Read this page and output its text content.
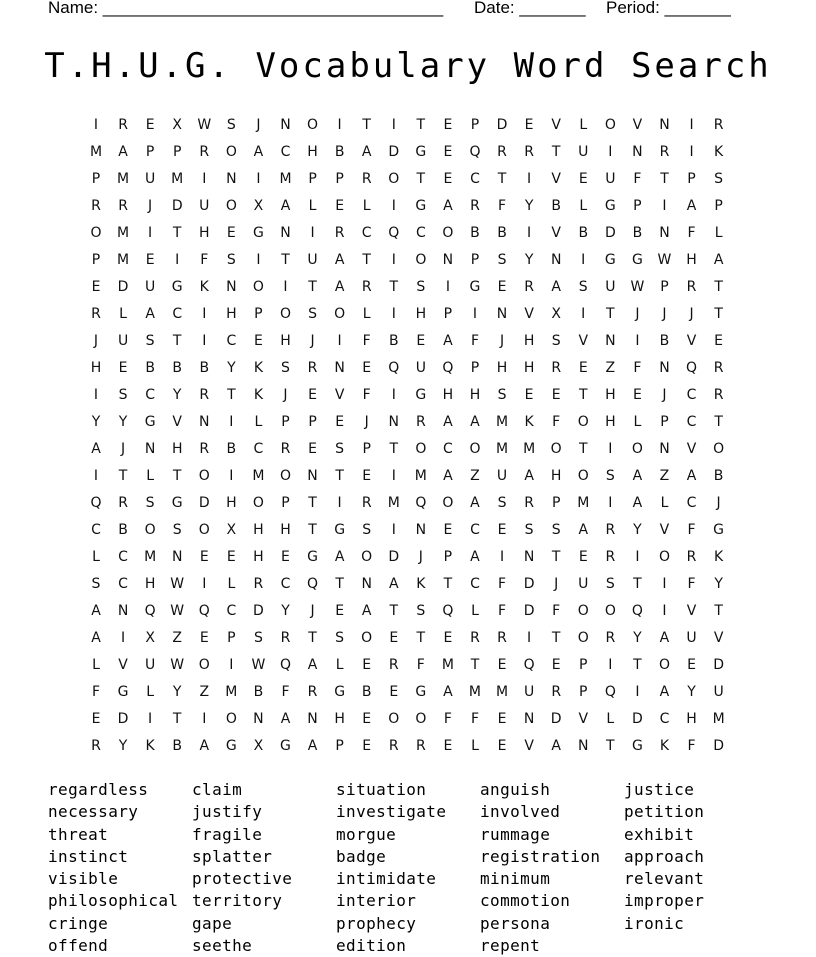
Name: ____________________________________ Date: _______ Period: _______
T.H.U.G. Vocabulary Word Search
I	R	E	X	W	S	J	N	O	I	T	I	T	E	P	D	E	V	L	O	V	N	I	R
M	A	P	P	R	O	A	C	H	B	A	D	G	E	Q	R	R	T	U	I	N	R	I	K
P	M	U	M	I	N	I	M	P	P	R	O	T	E	C	T	I	V	E	U	F	T	P	S
R	R	J	D	U	O	X	A	L	E	L	I	G	A	R	F	Y	B	L	G	P	I	A	P
O	M	I	T	H	E	G	N	I	R	C	Q	C	O	B	B	I	V	B	D	B	N	F	L
P	M	E	I	F	S	I	T	U	A	T	I	O	N	P	S	Y	N	I	G	G	W	H	A
E	D	U	G	K	N	O	I	T	A	R	T	S	I	G	E	R	A	S	U	W	P	R	T
R	L	A	C	I	H	P	O	S	O	L	I	H	P	I	N	V	X	I	T	J	J	J	T
J	U	S	T	I	C	E	H	J	I	F	B	E	A	F	J	H	S	V	N	I	B	V	E
H	E	B	B	B	Y	K	S	R	N	E	Q	U	Q	P	H	H	R	E	Z	F	N	Q	R
I	S	C	Y	R	T	K	J	E	V	F	I	G	H	H	S	E	E	T	H	E	J	C	R
Y	Y	G	V	N	I	L	P	P	E	J	N	R	A	A	M	K	F	O	H	L	P	C	T
A	J	N	H	R	B	C	R	E	S	P	T	O	C	O	M	M	O	T	I	O	N	V	O
I	T	L	T	O	I	M	O	N	T	E	I	M	A	Z	U	A	H	O	S	A	Z	A	B
Q	R	S	G	D	H	O	P	T	I	R	M	Q	O	A	S	R	P	M	I	A	L	C	J
C	B	O	S	O	X	H	H	T	G	S	I	N	E	C	E	S	S	A	R	Y	V	F	G
L	C	M	N	E	E	H	E	G	A	O	D	J	P	A	I	N	T	E	R	I	O	R	K
S	C	H	W	I	L	R	C	Q	T	N	A	K	T	C	F	D	J	U	S	T	I	F	Y
A	N	Q	W	Q	C	D	Y	J	E	A	T	S	Q	L	F	D	F	O	O	Q	I	V	T
A	I	X	Z	E	P	S	R	T	S	O	E	T	E	R	R	I	T	O	R	Y	A	U	V
L	V	U	W	O	I	W	Q	A	L	E	R	F	M	T	E	Q	E	P	I	T	O	E	D
F	G	L	Y	Z	M	B	F	R	G	B	E	G	A	M	M	U	R	P	Q	I	A	Y	U
E	D	I	T	I	O	N	A	N	H	E	O	O	F	F	E	N	D	V	L	D	C	H	M
R	Y	K	B	A	G	X	G	A	P	E	R	R	E	L	E	V	A	N	T	G	K	F	D
regardless
necessary
threat
instinct
visible
philosophical
cringe
offend
claim
justify
fragile
splatter
protective
territory
gape
seethe
situation
investigate
morgue
badge
intimidate
interior
prophecy
edition
anguish
involved
rummage
registration
minimum
commotion
persona
repent
justice
petition
exhibit
approach
relevant
improper
ironic
